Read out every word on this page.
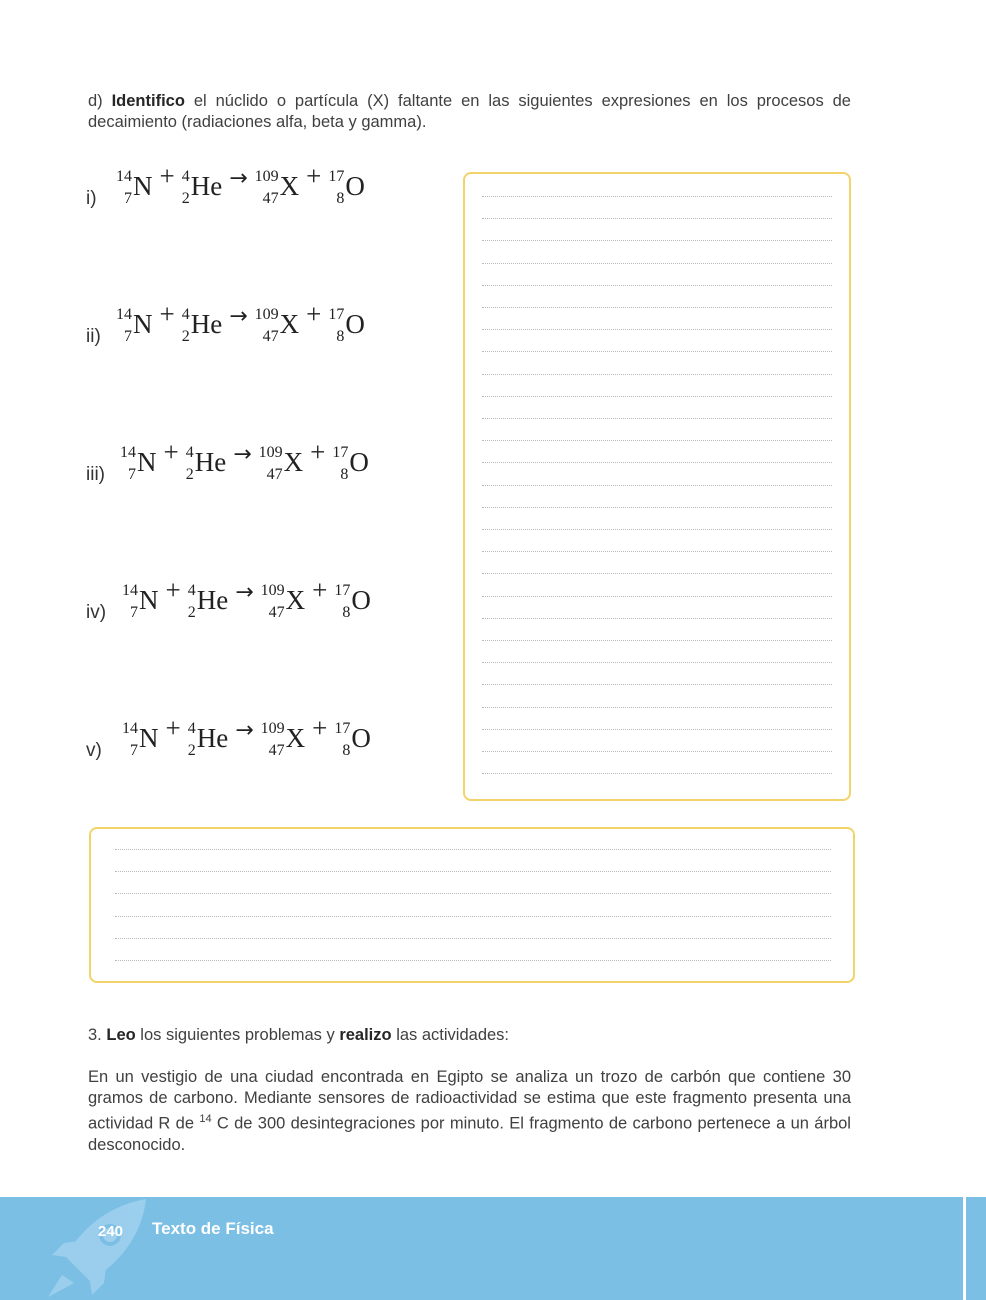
d) Identifico el núclido o partícula (X) faltante en las siguientes expresiones en los procesos de decaimiento (radiaciones alfa, beta y gamma).
i)
14
7 N + 4
2 He → 109
47 X + 17
8 O
ii)
14
7 N + 4
2 He → 109
47 X + 17
8 O
iii)
14
7 N + 4
2 He → 109
47 X + 17
8 O
iv)
14
7 N + 4
2 He → 109
47 X + 17
8 O
v)
14
7 N + 4
2 He → 109
47 X + 17
8 O
3. Leo los siguientes problemas y realizo las actividades:
En un vestigio de una ciudad encontrada en Egipto se analiza un trozo de carbón que contiene 30 gramos de carbono. Mediante sensores de radioactividad se estima que este fragmento presenta una actividad R de $^{14}$ C de 300 desintegraciones por minuto. El fragmento de carbono pertenece a un árbol desconocido.
240 Texto de Física
